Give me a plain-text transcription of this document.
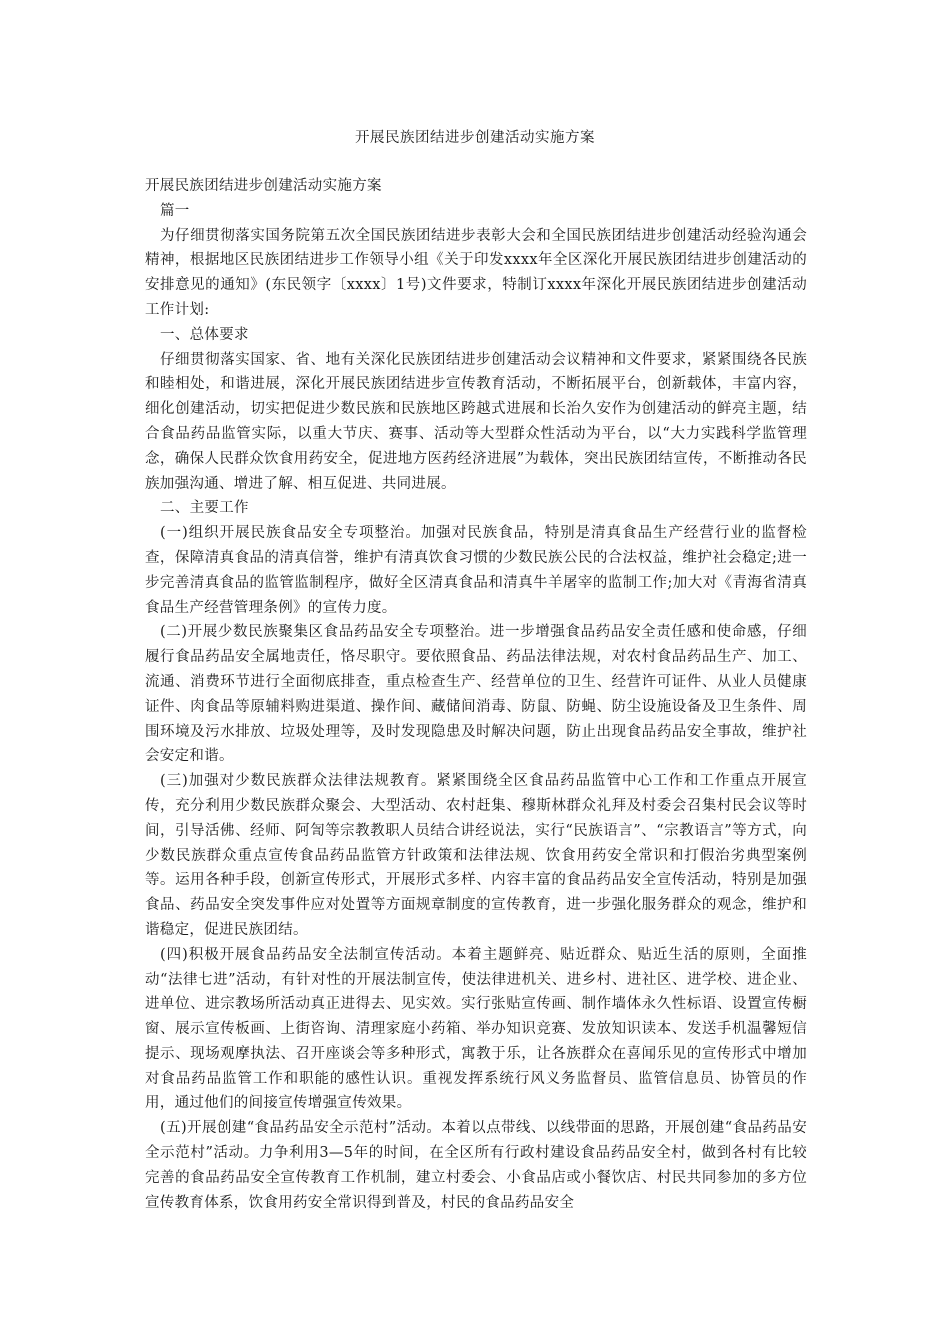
开展民族团结进步创建活动实施方案

开展民族团结进步创建活动实施方案

篇一

为仔细贯彻落实国务院第五次全国民族团结进步表彰大会和全国民族团结进步创建活动经验沟通会精神，根据地区民族团结进步工作领导小组《关于印发xxxx年全区深化开展民族团结进步创建活动的安排意见的通知》(东民领字〔xxxx〕1号)文件要求，特制订xxxx年深化开展民族团结进步创建活动工作计划:

一、总体要求

仔细贯彻落实国家、省、地有关深化民族团结进步创建活动会议精神和文件要求，紧紧围绕各民族和睦相处，和谐进展，深化开展民族团结进步宣传教育活动，不断拓展平台，创新载体，丰富内容，细化创建活动，切实把促进少数民族和民族地区跨越式进展和长治久安作为创建活动的鲜亮主题，结合食品药品监管实际，以重大节庆、赛事、活动等大型群众性活动为平台，以“大力实践科学监管理念，确保人民群众饮食用药安全，促进地方医药经济进展”为载体，突出民族团结宣传，不断推动各民族加强沟通、增进了解、相互促进、共同进展。

二、主要工作

(一)组织开展民族食品安全专项整治。加强对民族食品，特别是清真食品生产经营行业的监督检查，保障清真食品的清真信誉，维护有清真饮食习惯的少数民族公民的合法权益，维护社会稳定;进一步完善清真食品的监管监制程序，做好全区清真食品和清真牛羊屠宰的监制工作;加大对《青海省清真食品生产经营管理条例》的宣传力度。

(二)开展少数民族聚集区食品药品安全专项整治。进一步增强食品药品安全责任感和使命感，仔细履行食品药品安全属地责任，恪尽职守。要依照食品、药品法律法规，对农村食品药品生产、加工、流通、消费环节进行全面彻底排查，重点检查生产、经营单位的卫生、经营许可证件、从业人员健康证件、肉食品等原辅料购进渠道、操作间、藏储间消毒、防鼠、防蝇、防尘设施设备及卫生条件、周围环境及污水排放、垃圾处理等，及时发现隐患及时解决问题，防止出现食品药品安全事故，维护社会安定和谐。

(三)加强对少数民族群众法律法规教育。紧紧围绕全区食品药品监管中心工作和工作重点开展宣传，充分利用少数民族群众聚会、大型活动、农村赶集、穆斯林群众礼拜及村委会召集村民会议等时间，引导活佛、经师、阿訇等宗教教职人员结合讲经说法，实行“民族语言”、“宗教语言”等方式，向少数民族群众重点宣传食品药品监管方针政策和法律法规、饮食用药安全常识和打假治劣典型案例等。运用各种手段，创新宣传形式，开展形式多样、内容丰富的食品药品安全宣传活动，特别是加强食品、药品安全突发事件应对处置等方面规章制度的宣传教育，进一步强化服务群众的观念，维护和谐稳定，促进民族团结。

(四)积极开展食品药品安全法制宣传活动。本着主题鲜亮、贴近群众、贴近生活的原则，全面推动“法律七进”活动，有针对性的开展法制宣传，使法律进机关、进乡村、进社区、进学校、进企业、进单位、进宗教场所活动真正进得去、见实效。实行张贴宣传画、制作墙体永久性标语、设置宣传橱窗、展示宣传板画、上街咨询、清理家庭小药箱、举办知识竞赛、发放知识读本、发送手机温馨短信提示、现场观摩执法、召开座谈会等多种形式，寓教于乐，让各族群众在喜闻乐见的宣传形式中增加对食品药品监管工作和职能的感性认识。重视发挥系统行风义务监督员、监管信息员、协管员的作用，通过他们的间接宣传增强宣传效果。

(五)开展创建“食品药品安全示范村”活动。本着以点带线、以线带面的思路，开展创建“食品药品安全示范村”活动。力争利用3—5年的时间，在全区所有行政村建设食品药品安全村，做到各村有比较完善的食品药品安全宣传教育工作机制，建立村委会、小食品店或小餐饮店、村民共同参加的多方位宣传教育体系，饮食用药安全常识得到普及，村民的食品药品安全
